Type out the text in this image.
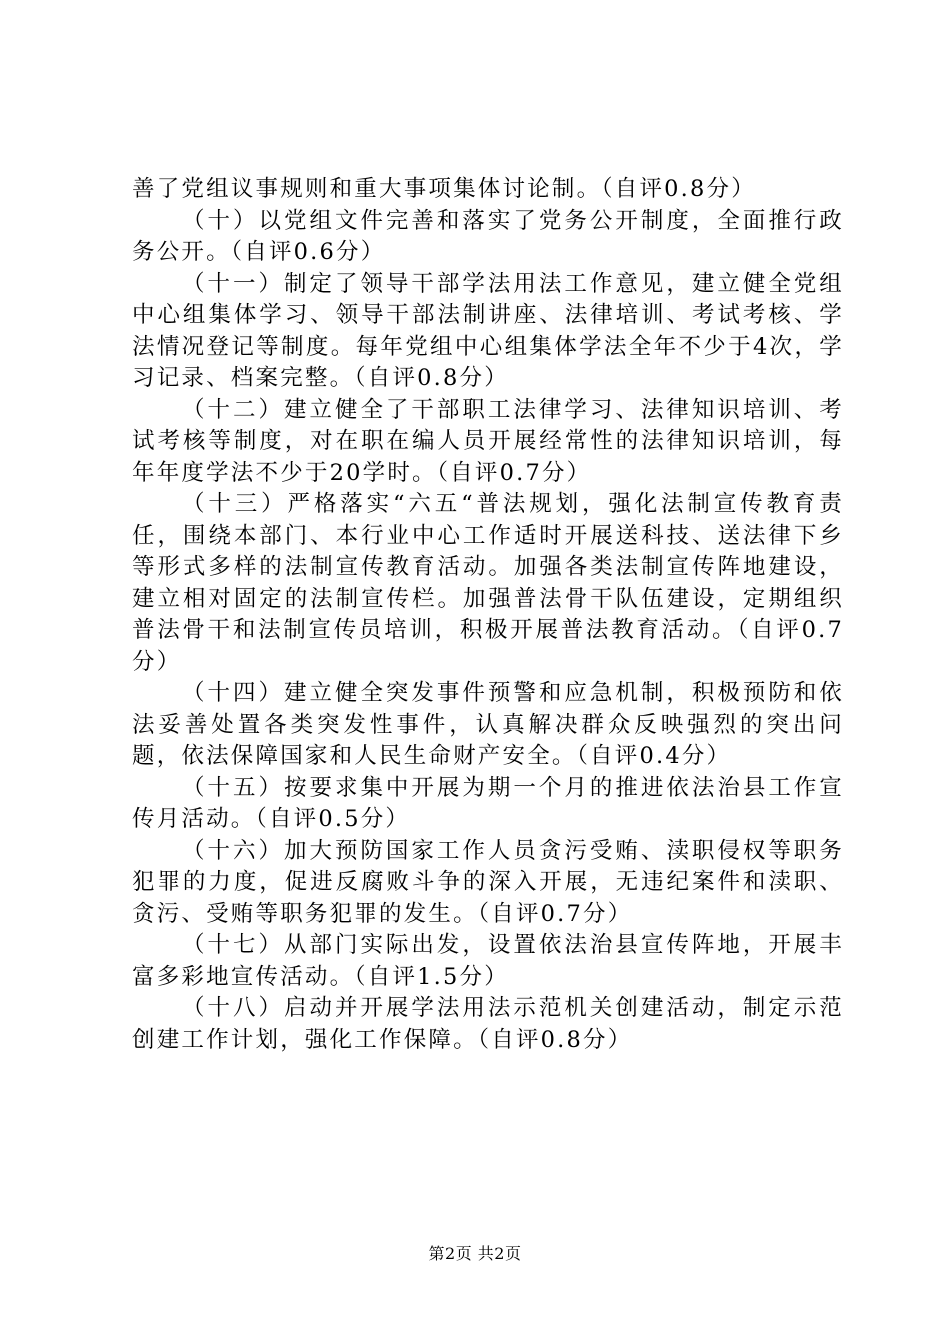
善了党组议事规则和重大事项集体讨论制。（自评0.8分）

（十）以党组文件完善和落实了党务公开制度，全面推行政务公开。（自评0.6分）

（十一）制定了领导干部学法用法工作意见，建立健全党组中心组集体学习、领导干部法制讲座、法律培训、考试考核、学法情况登记等制度。每年党组中心组集体学法全年不少于4次，学习记录、档案完整。（自评0.8分）

（十二）建立健全了干部职工法律学习、法律知识培训、考试考核等制度，对在职在编人员开展经常性的法律知识培训，每年年度学法不少于20学时。（自评0.7分）

（十三）严格落实“六五“普法规划，强化法制宣传教育责任，围绕本部门、本行业中心工作适时开展送科技、送法律下乡等形式多样的法制宣传教育活动。加强各类法制宣传阵地建设，建立相对固定的法制宣传栏。加强普法骨干队伍建设，定期组织普法骨干和法制宣传员培训，积极开展普法教育活动。（自评0.7分）

（十四）建立健全突发事件预警和应急机制，积极预防和依法妥善处置各类突发性事件，认真解决群众反映强烈的突出问题，依法保障国家和人民生命财产安全。（自评0.4分）

（十五）按要求集中开展为期一个月的推进依法治县工作宣传月活动。（自评0.5分）

（十六）加大预防国家工作人员贪污受贿、渎职侵权等职务犯罪的力度，促进反腐败斗争的深入开展，无违纪案件和渎职、贪污、受贿等职务犯罪的发生。（自评0.7分）

（十七）从部门实际出发，设置依法治县宣传阵地，开展丰富多彩地宣传活动。（自评1.5分）

（十八）启动并开展学法用法示范机关创建活动，制定示范创建工作计划，强化工作保障。（自评0.8分）

第2页 共2页
